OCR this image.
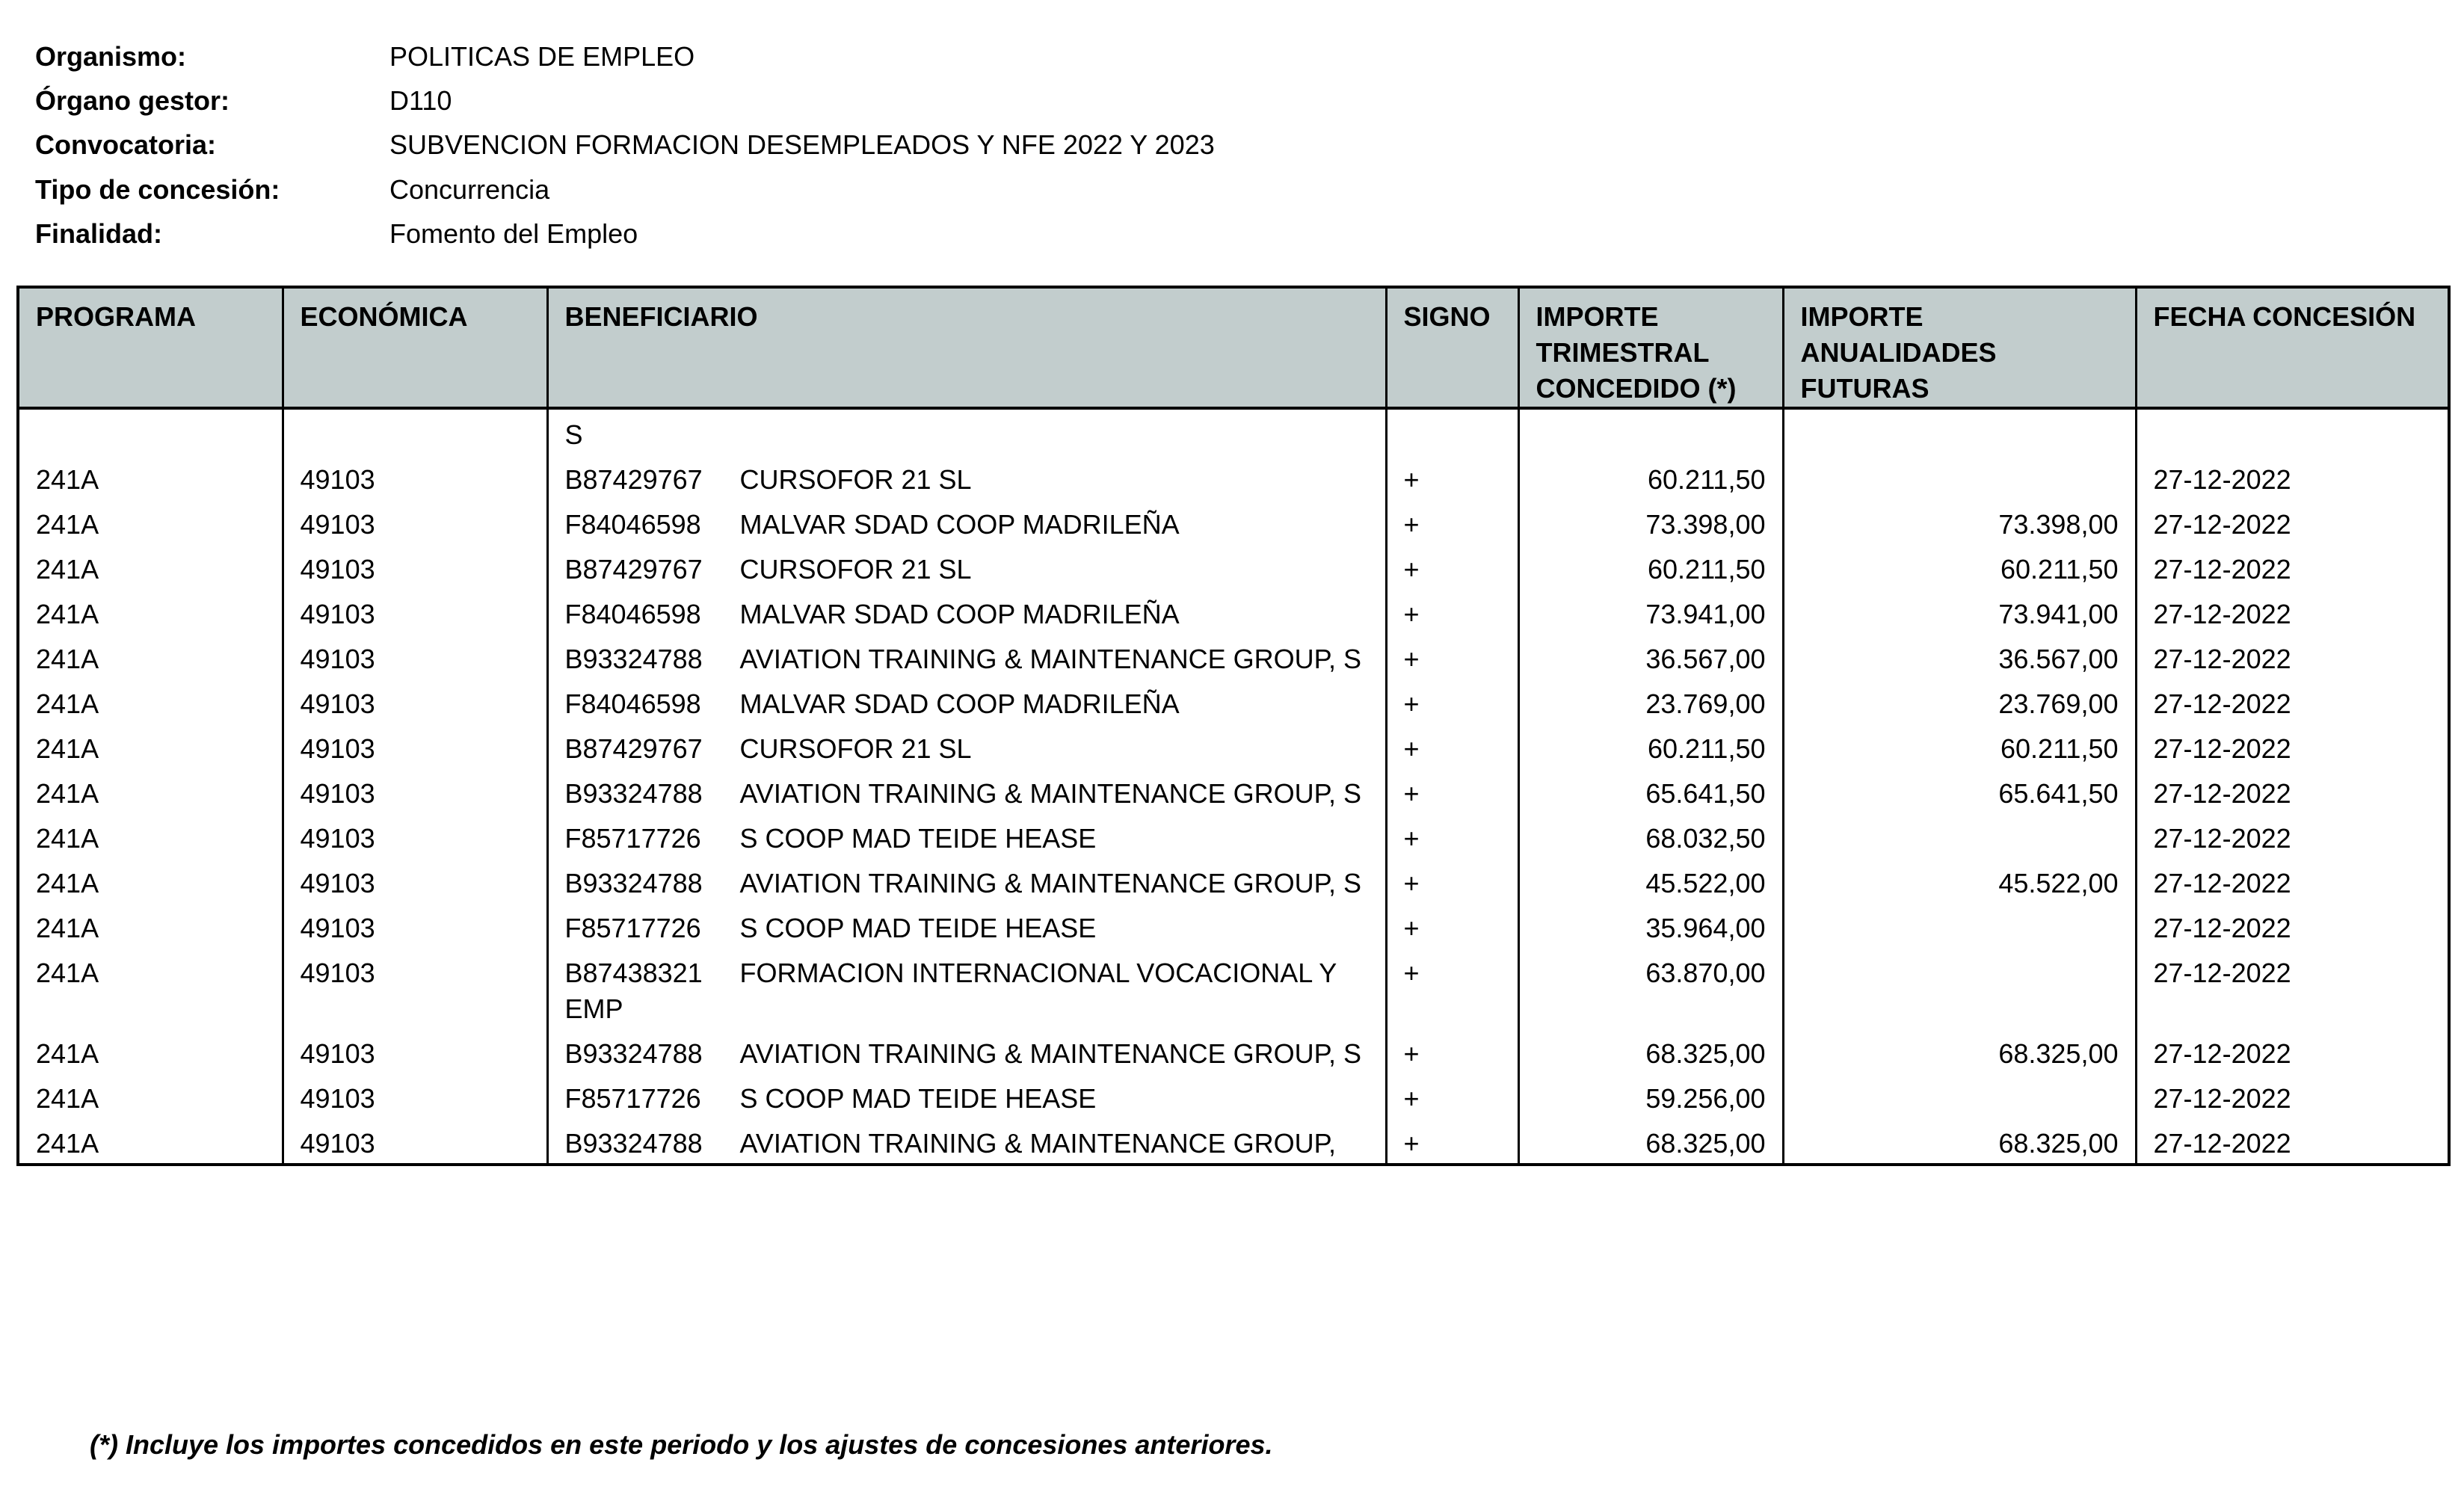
Organismo:	POLITICAS DE EMPLEO
Órgano gestor:	D110
Convocatoria:	SUBVENCION FORMACION DESEMPLEADOS Y NFE 2022 Y 2023
Tipo de concesión:	Concurrencia
Finalidad:	Fomento del Empleo
PROGRAMA	ECONÓMICA	BENEFICIARIO	SIGNO	IMPORTE TRIMESTRAL CONCEDIDO (*)	IMPORTE ANUALIDADES FUTURAS	FECHA CONCESIÓN
		S				
241A	49103	B87429767 CURSOFOR 21 SL	+	60.211,50		27-12-2022
241A	49103	F84046598 MALVAR SDAD COOP MADRILEÑA	+	73.398,00	73.398,00	27-12-2022
241A	49103	B87429767 CURSOFOR 21 SL	+	60.211,50	60.211,50	27-12-2022
241A	49103	F84046598 MALVAR SDAD COOP MADRILEÑA	+	73.941,00	73.941,00	27-12-2022
241A	49103	B93324788 AVIATION TRAINING & MAINTENANCE GROUP, S	+	36.567,00	36.567,00	27-12-2022
241A	49103	F84046598 MALVAR SDAD COOP MADRILEÑA	+	23.769,00	23.769,00	27-12-2022
241A	49103	B87429767 CURSOFOR 21 SL	+	60.211,50	60.211,50	27-12-2022
241A	49103	B93324788 AVIATION TRAINING & MAINTENANCE GROUP, S	+	65.641,50	65.641,50	27-12-2022
241A	49103	F85717726 S COOP MAD TEIDE HEASE	+	68.032,50		27-12-2022
241A	49103	B93324788 AVIATION TRAINING & MAINTENANCE GROUP, S	+	45.522,00	45.522,00	27-12-2022
241A	49103	F85717726 S COOP MAD TEIDE HEASE	+	35.964,00		27-12-2022
241A	49103	B87438321 FORMACION INTERNACIONAL VOCACIONAL Y EMP	+	63.870,00		27-12-2022
241A	49103	B93324788 AVIATION TRAINING & MAINTENANCE GROUP, S	+	68.325,00	68.325,00	27-12-2022
241A	49103	F85717726 S COOP MAD TEIDE HEASE	+	59.256,00		27-12-2022
241A	49103	B93324788 AVIATION TRAINING & MAINTENANCE GROUP,	+	68.325,00	68.325,00	27-12-2022
(*) Incluye los importes concedidos en este periodo y los ajustes de concesiones anteriores.
